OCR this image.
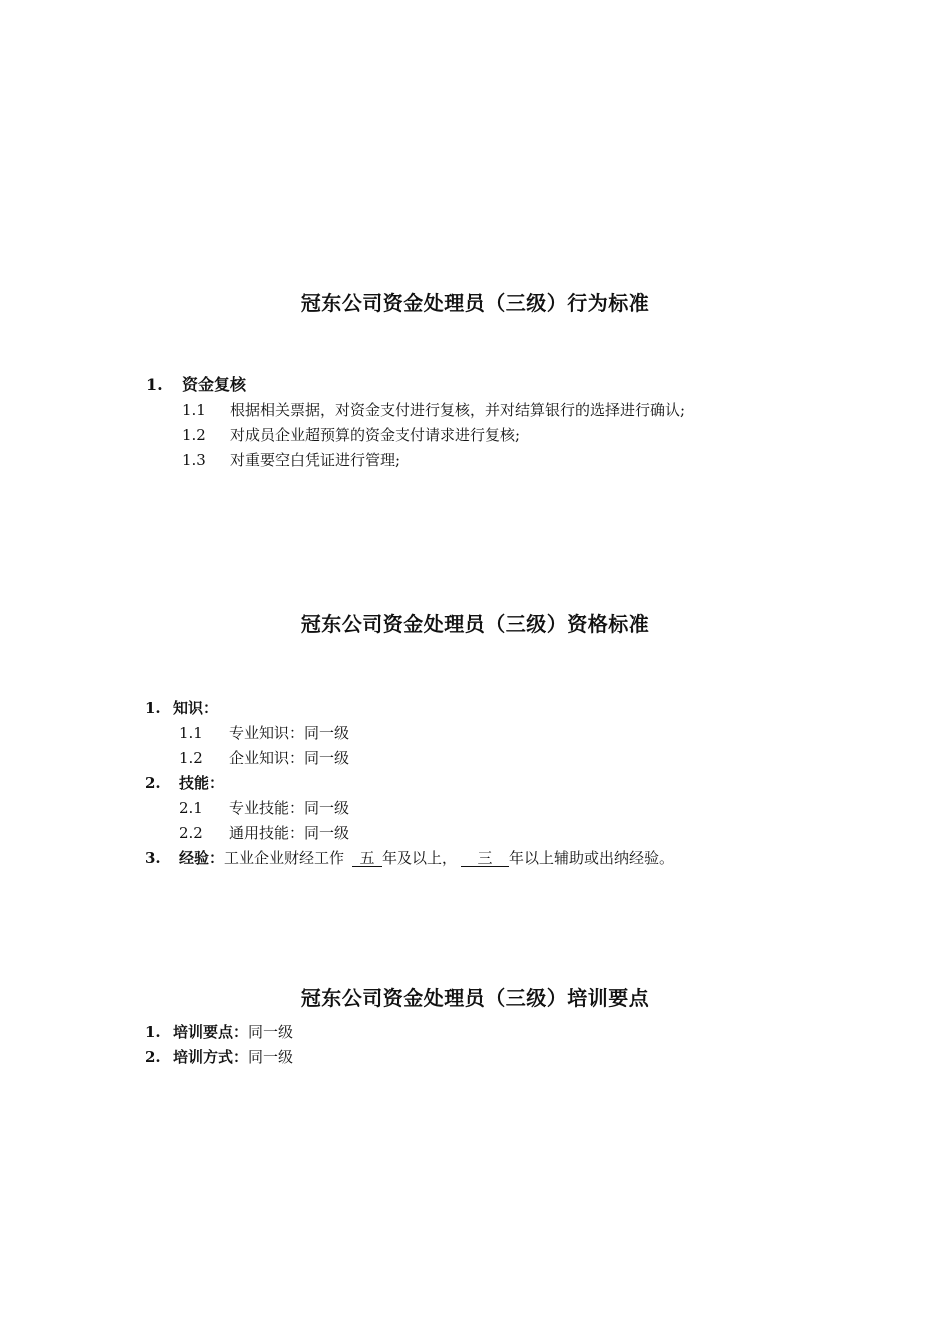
冠东公司资金处理员（三级）行为标准
1. 资金复核
1.1 根据相关票据，对资金支付进行复核，并对结算银行的选择进行确认;
1.2 对成员企业超预算的资金支付请求进行复核;
1.3 对重要空白凭证进行管理;
冠东公司资金处理员（三级）资格标准
1. 知识：
1.1 专业知识：同一级
1.2 企业知识：同一级
2. 技能：
2.1 专业技能：同一级
2.2 通用技能：同一级
3. 经验：工业企业财经工作 五 年及以上， 三 年以上辅助或出纳经验。
冠东公司资金处理员（三级）培训要点
1. 培训要点：同一级
2. 培训方式：同一级
